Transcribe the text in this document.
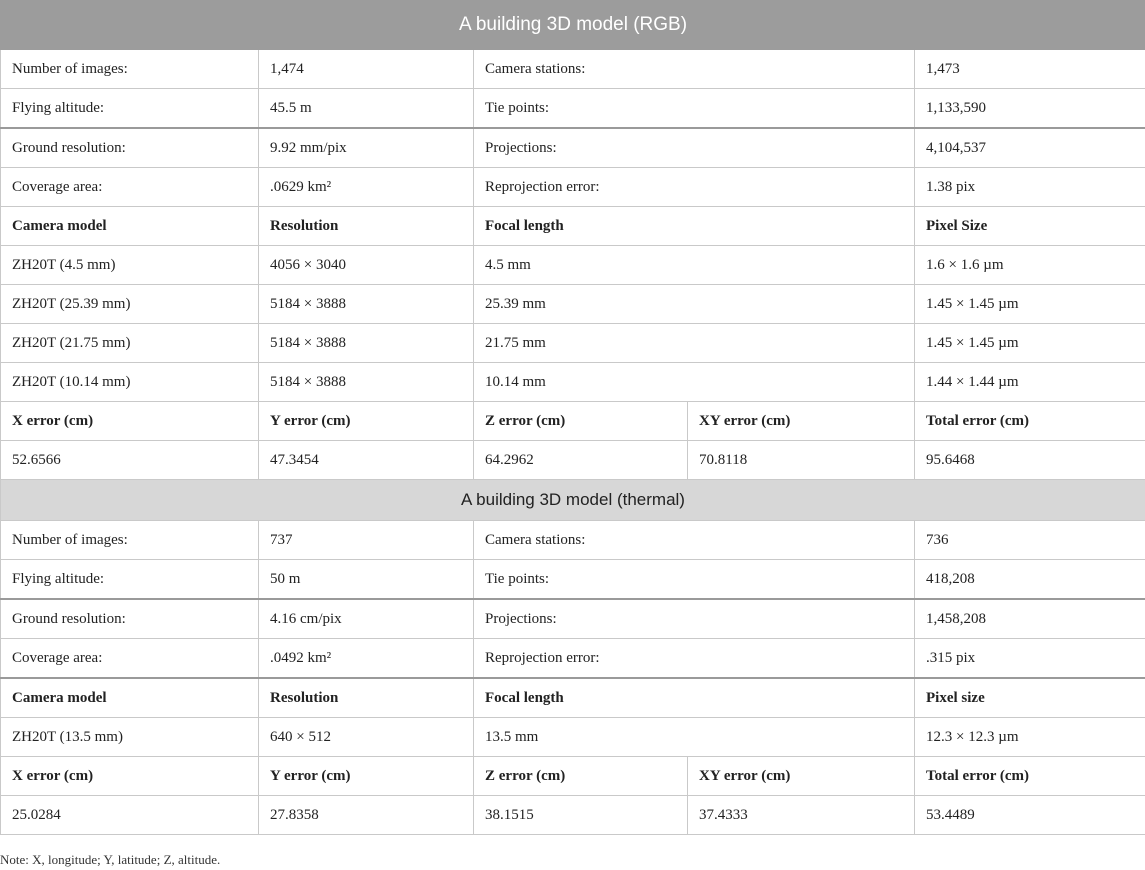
A building 3D model (RGB)				
Number of images:	1,474	Camera stations:		1,473
Flying altitude:	45.5 m	Tie points:		1,133,590
Ground resolution:	9.92 mm/pix	Projections:		4,104,537
Coverage area:	.0629 km²	Reprojection error:		1.38 pix
Camera model	Resolution	Focal length		Pixel Size
ZH20T (4.5 mm)	4056 × 3040	4.5 mm		1.6 × 1.6 µm
ZH20T (25.39 mm)	5184 × 3888	25.39 mm		1.45 × 1.45 µm
ZH20T (21.75 mm)	5184 × 3888	21.75 mm		1.45 × 1.45 µm
ZH20T (10.14 mm)	5184 × 3888	10.14 mm		1.44 × 1.44 µm
X error (cm)	Y error (cm)	Z error (cm)	XY error (cm)	Total error (cm)
52.6566	47.3454	64.2962	70.8118	95.6468
A building 3D model (thermal)				
Number of images:	737	Camera stations:		736
Flying altitude:	50 m	Tie points:		418,208
Ground resolution:	4.16 cm/pix	Projections:		1,458,208
Coverage area:	.0492 km²	Reprojection error:		.315 pix
Camera model	Resolution	Focal length		Pixel size
ZH20T (13.5 mm)	640 × 512	13.5 mm		12.3 × 12.3 µm
X error (cm)	Y error (cm)	Z error (cm)	XY error (cm)	Total error (cm)
25.0284	27.8358	38.1515	37.4333	53.4489
Note: X, longitude; Y, latitude; Z, altitude.
